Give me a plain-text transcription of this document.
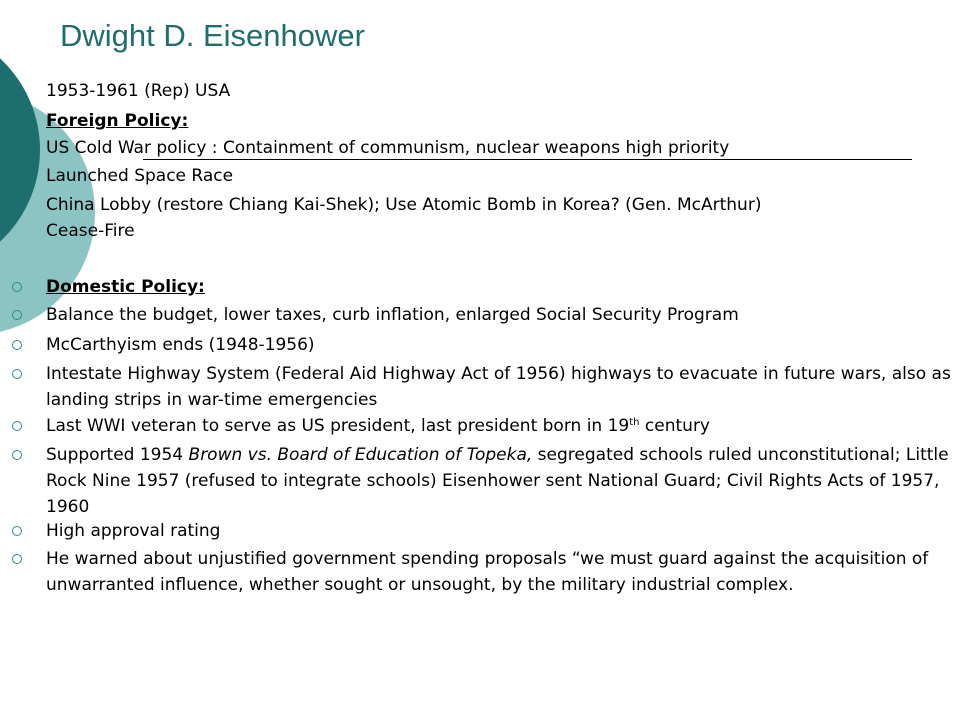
Dwight D. Eisenhower

1953-1961 (Rep) USA

Foreign Policy:

US Cold War policy : Containment of communism, nuclear weapons high priority

Launched Space Race

China Lobby (restore Chiang Kai-Shek); Use Atomic Bomb in Korea? (Gen. McArthur)
Cease-Fire

Domestic Policy:

Balance the budget, lower taxes, curb inflation, enlarged Social Security Program

McCarthyism ends (1948-1956)

Intestate Highway System (Federal Aid Highway Act of 1956) highways to evacuate in future wars, also as landing strips in war-time emergencies

Last WWI veteran to serve as US president, last president born in 19th century

Supported 1954 Brown vs. Board of Education of Topeka, segregated schools ruled unconstitutional; Little Rock Nine 1957 (refused to integrate schools) Eisenhower sent National Guard; Civil Rights Acts of 1957, 1960

High approval rating

He warned about unjustified government spending proposals “we must guard against the acquisition of unwarranted influence, whether sought or unsought, by the military industrial complex.
